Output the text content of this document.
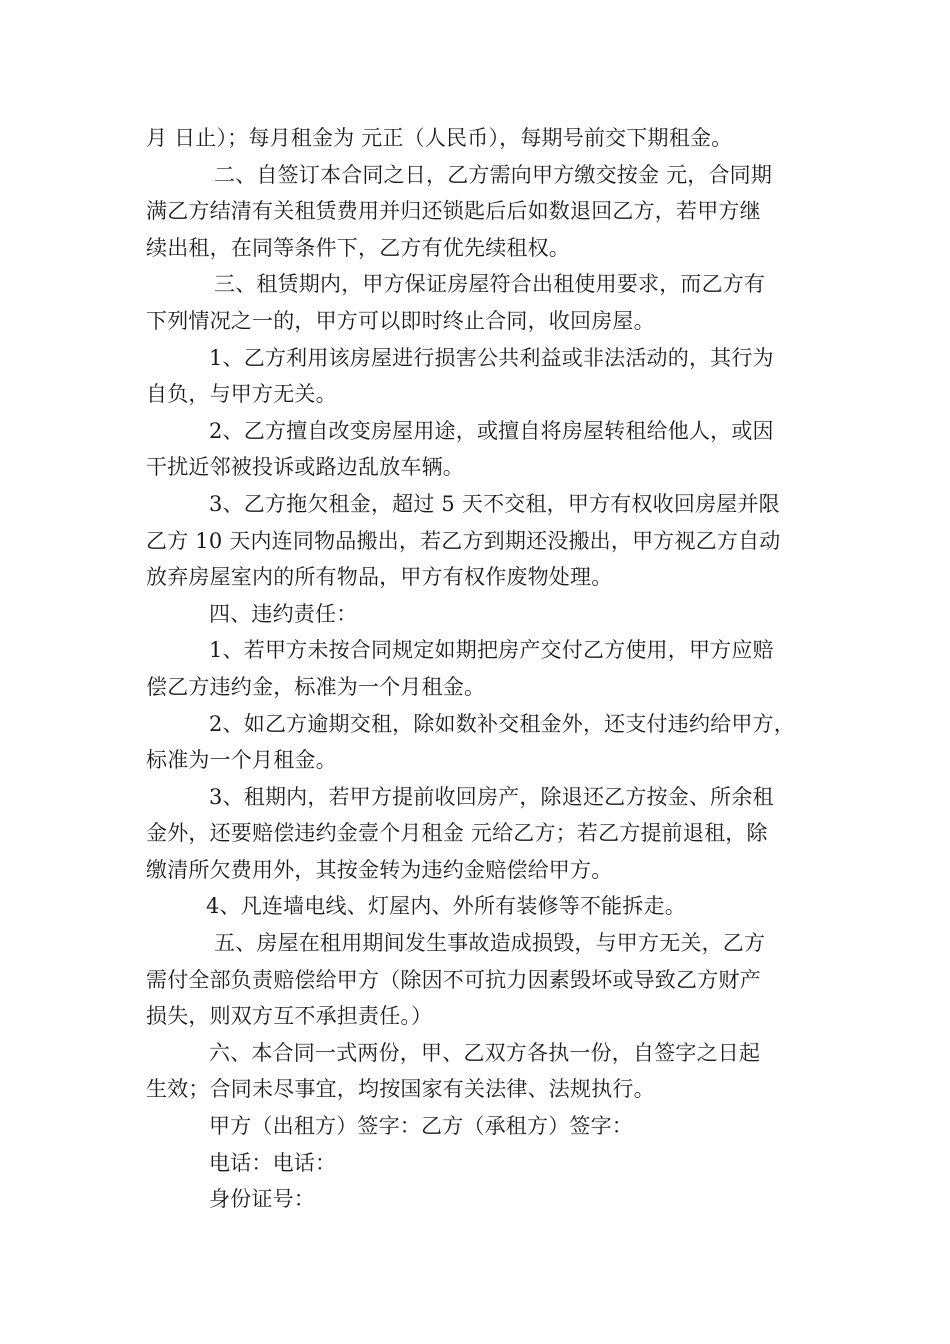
月 日止）；每月租金为 元正（人民币），每期号前交下期租金。
二、自签订本合同之日，乙方需向甲方缴交按金 元，合同期
满乙方结清有关租赁费用并归还锁匙后后如数退回乙方，若甲方继
续出租，在同等条件下，乙方有优先续租权。
三、租赁期内，甲方保证房屋符合出租使用要求，而乙方有
下列情况之一的，甲方可以即时终止合同，收回房屋。
1、乙方利用该房屋进行损害公共利益或非法活动的，其行为
自负，与甲方无关。
2、乙方擅自改变房屋用途，或擅自将房屋转租给他人，或因
干扰近邻被投诉或路边乱放车辆。
3、乙方拖欠租金，超过 5 天不交租，甲方有权收回房屋并限
乙方 10 天内连同物品搬出，若乙方到期还没搬出，甲方视乙方自动
放弃房屋室内的所有物品，甲方有权作废物处理。
四、违约责任：
1、若甲方未按合同规定如期把房产交付乙方使用，甲方应赔
偿乙方违约金，标准为一个月租金。
2、如乙方逾期交租，除如数补交租金外，还支付违约给甲方，
标准为一个月租金。
3、租期内，若甲方提前收回房产，除退还乙方按金、所余租
金外，还要赔偿违约金壹个月租金 元给乙方；若乙方提前退租，除
缴清所欠费用外，其按金转为违约金赔偿给甲方。
4、凡连墙电线、灯屋内、外所有装修等不能拆走。
五、房屋在租用期间发生事故造成损毁，与甲方无关，乙方
需付全部负责赔偿给甲方（除因不可抗力因素毁坏或导致乙方财产
损失，则双方互不承担责任。）
六、本合同一式两份，甲、乙双方各执一份，自签字之日起
生效；合同未尽事宜，均按国家有关法律、法规执行。
甲方（出租方）签字：乙方（承租方）签字：
电话：电话：
身份证号：
